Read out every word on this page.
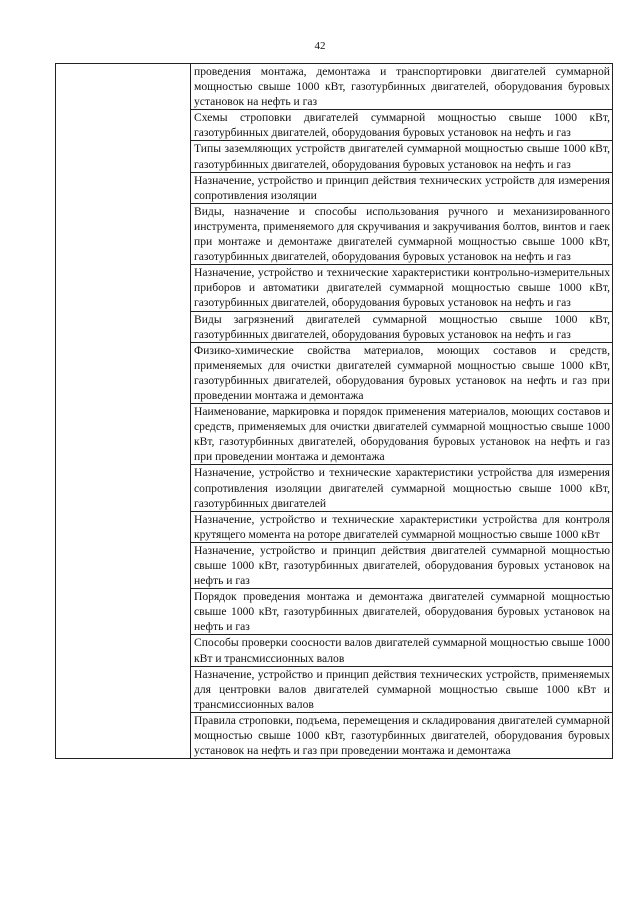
42

проведения монтажа, демонтажа и транспортировки двигателей суммарной мощностью свыше 1000 кВт, газотурбинных двигателей, оборудования буровых установок на нефть и газ

Схемы строповки двигателей суммарной мощностью свыше 1000 кВт, газотурбинных двигателей, оборудования буровых установок на нефть и газ

Типы заземляющих устройств двигателей суммарной мощностью свыше 1000 кВт, газотурбинных двигателей, оборудования буровых установок на нефть и газ

Назначение, устройство и принцип действия технических устройств для измерения сопротивления изоляции

Виды, назначение и способы использования ручного и механизированного инструмента, применяемого для скручивания и закручивания болтов, винтов и гаек при монтаже и демонтаже двигателей суммарной мощностью свыше 1000 кВт, газотурбинных двигателей, оборудования буровых установок на нефть и газ

Назначение, устройство и технические характеристики контрольно-измерительных приборов и автоматики двигателей суммарной мощностью свыше 1000 кВт, газотурбинных двигателей, оборудования буровых установок на нефть и газ

Виды загрязнений двигателей суммарной мощностью свыше 1000 кВт, газотурбинных двигателей, оборудования буровых установок на нефть и газ

Физико-химические свойства материалов, моющих составов и средств, применяемых для очистки двигателей суммарной мощностью свыше 1000 кВт, газотурбинных двигателей, оборудования буровых установок на нефть и газ при проведении монтажа и демонтажа

Наименование, маркировка и порядок применения материалов, моющих составов и средств, применяемых для очистки двигателей суммарной мощностью свыше 1000 кВт, газотурбинных двигателей, оборудования буровых установок на нефть и газ при проведении монтажа и демонтажа

Назначение, устройство и технические характеристики устройства для измерения сопротивления изоляции двигателей суммарной мощностью свыше 1000 кВт, газотурбинных двигателей

Назначение, устройство и технические характеристики устройства для контроля крутящего момента на роторе двигателей суммарной мощностью свыше 1000 кВт

Назначение, устройство и принцип действия двигателей суммарной мощностью свыше 1000 кВт, газотурбинных двигателей, оборудования буровых установок на нефть и газ

Порядок проведения монтажа и демонтажа двигателей суммарной мощностью свыше 1000 кВт, газотурбинных двигателей, оборудования буровых установок на нефть и газ

Способы проверки соосности валов двигателей суммарной мощностью свыше 1000 кВт и трансмиссионных валов

Назначение, устройство и принцип действия технических устройств, применяемых для центровки валов двигателей суммарной мощностью свыше 1000 кВт и трансмиссионных валов

Правила строповки, подъема, перемещения и складирования двигателей суммарной мощностью свыше 1000 кВт, газотурбинных двигателей, оборудования буровых установок на нефть и газ при проведении монтажа и демонтажа
